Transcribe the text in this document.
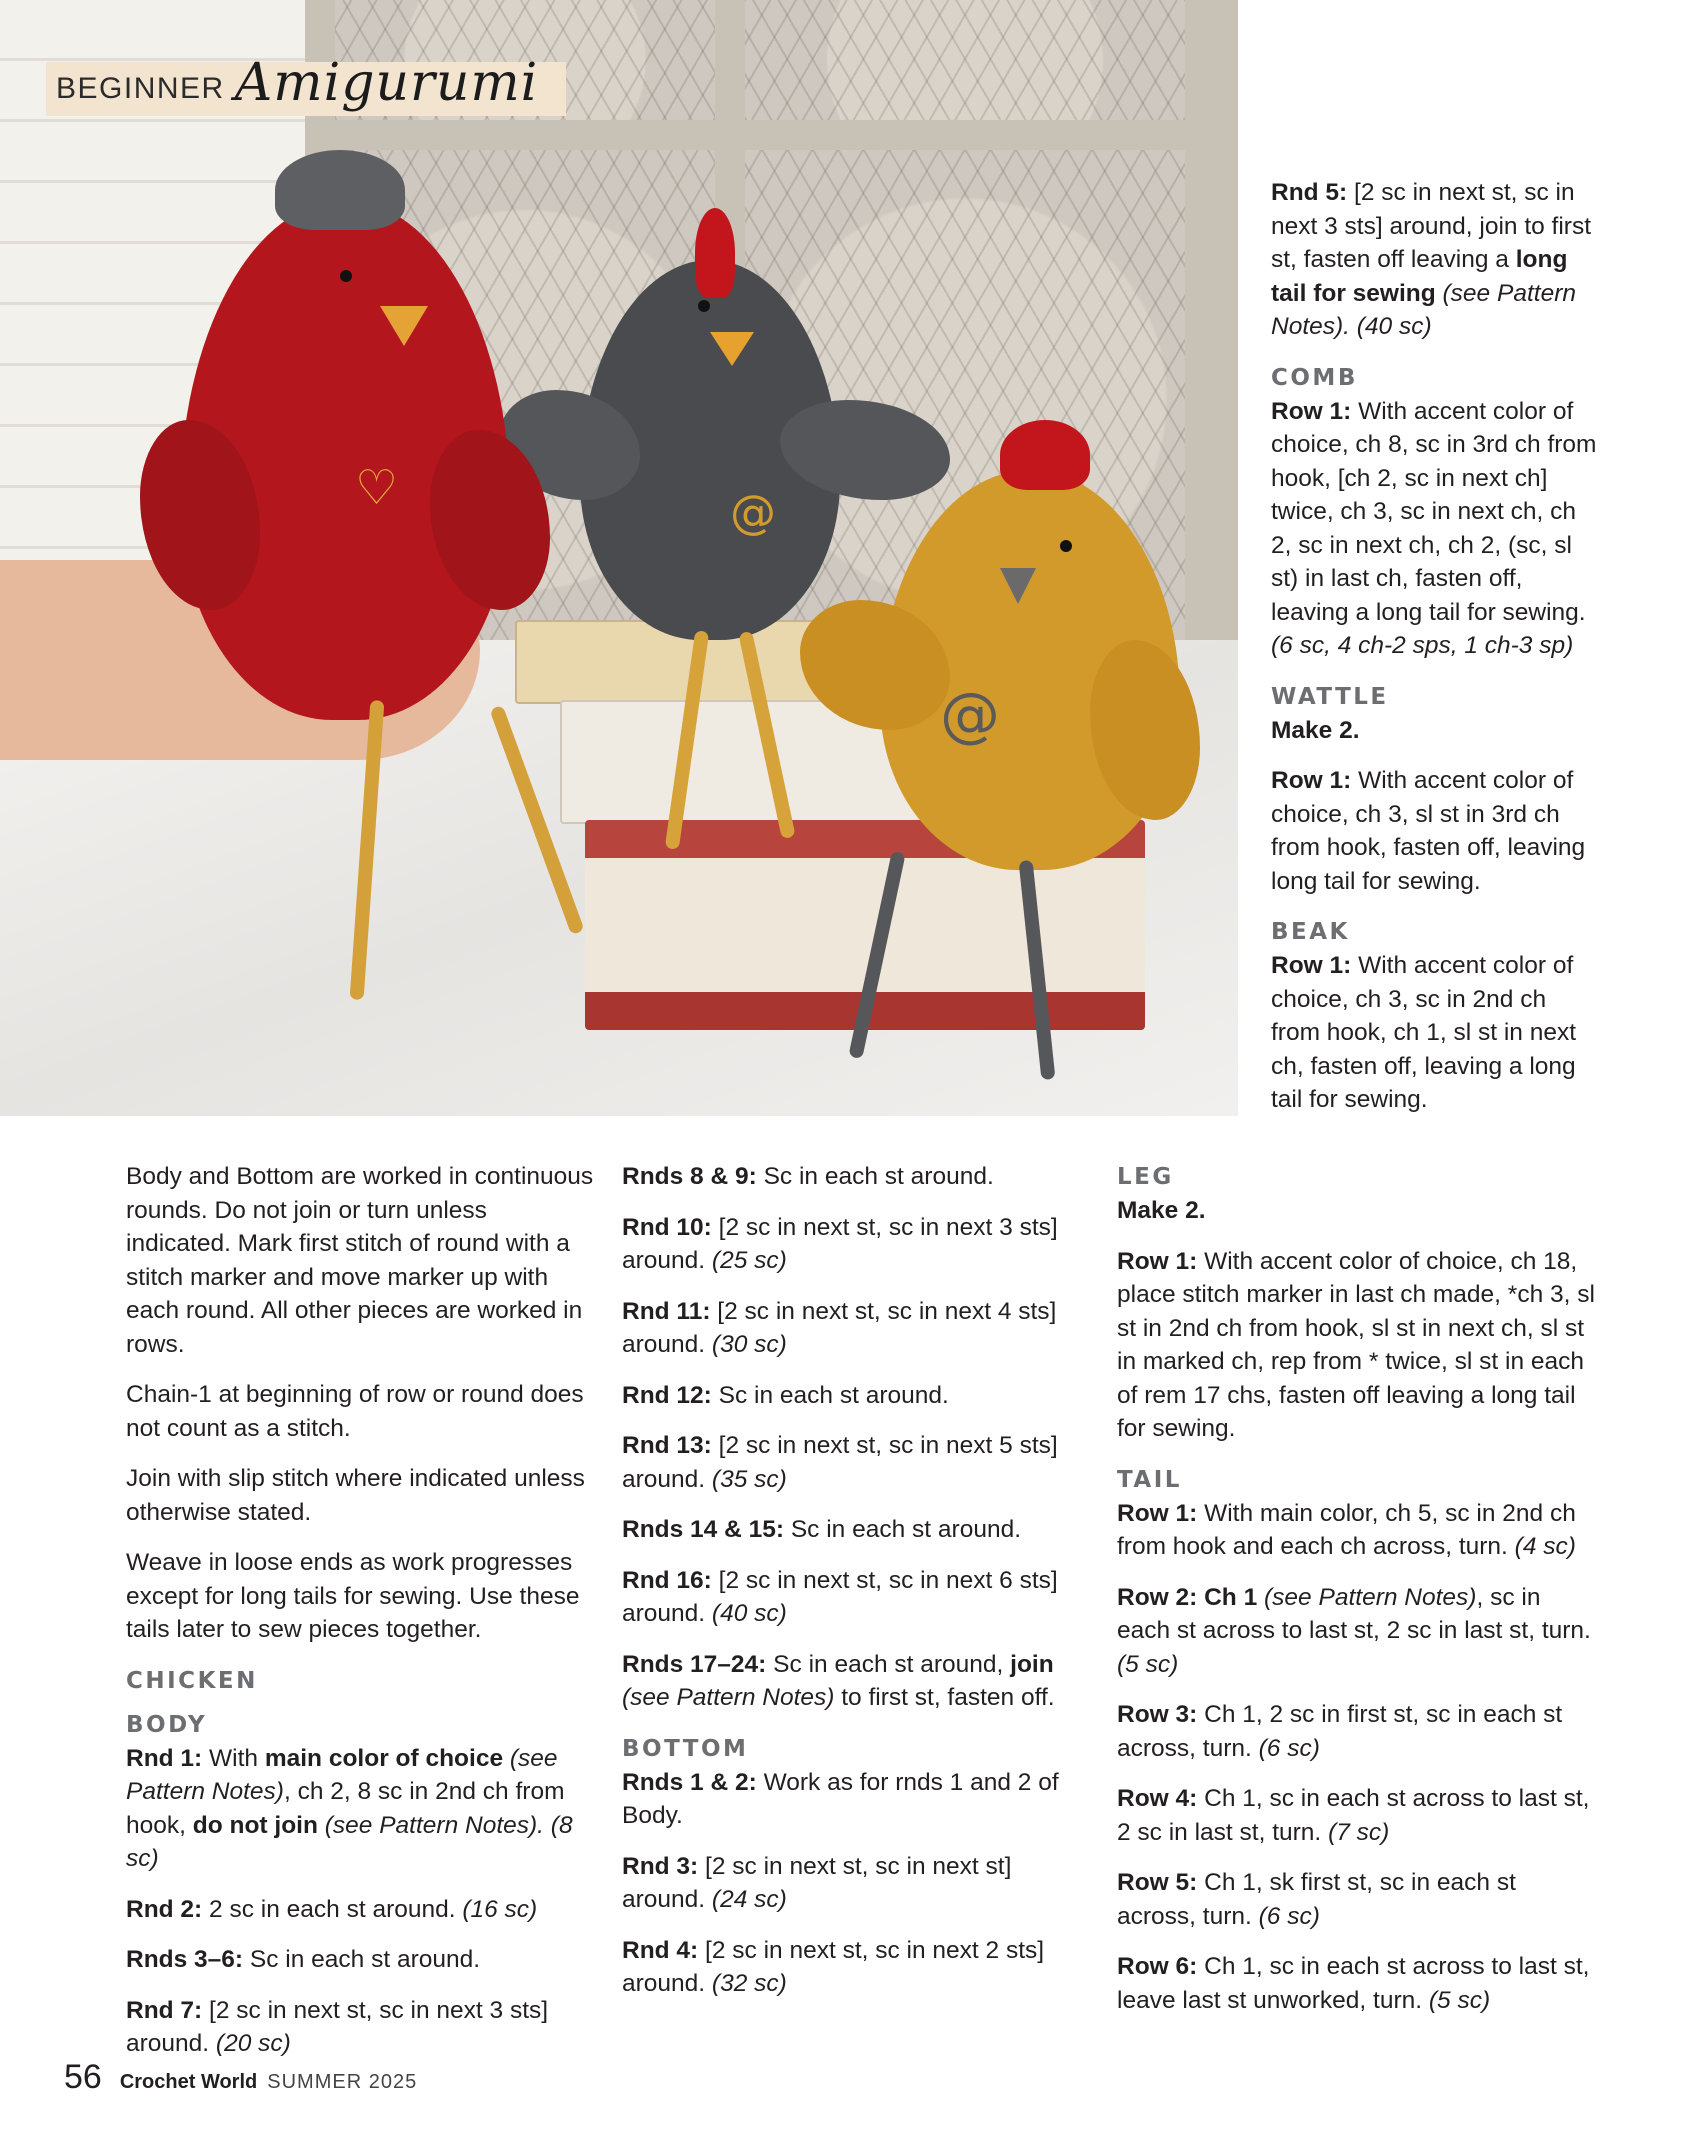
@
♡
@
BEGINNER Amigurumi

Rnd 5: [2 sc in next st, sc in next 3 sts] around, join to first st, fasten off leaving a long tail for sewing (see Pattern Notes). (40 sc)

COMB

Row 1: With accent color of choice, ch 8, sc in 3rd ch from hook, [ch 2, sc in next ch] twice, ch 3, sc in next ch, ch 2, sc in next ch, ch 2, (sc, sl st) in last ch, fasten off, leaving a long tail for sewing. (6 sc, 4 ch-2 sps, 1 ch-3 sp)

WATTLE

Make 2.

Row 1: With accent color of choice, ch 3, sl st in 3rd ch from hook, fasten off, leaving long tail for sewing.

BEAK

Row 1: With accent color of choice, ch 3, sc in 2nd ch from hook, ch 1, sl st in next ch, fasten off, leaving a long tail for sewing.

Body and Bottom are worked in continuous rounds. Do not join or turn unless indicated. Mark first stitch of round with a stitch marker and move marker up with each round. All other pieces are worked in rows.

Chain-1 at beginning of row or round does not count as a stitch.

Join with slip stitch where indicated unless otherwise stated.

Weave in loose ends as work progresses except for long tails for sewing. Use these tails later to sew pieces together.

CHICKEN
BODY

Rnd 1: With main color of choice (see Pattern Notes), ch 2, 8 sc in 2nd ch from hook, do not join (see Pattern Notes). (8 sc)

Rnd 2: 2 sc in each st around. (16 sc)

Rnds 3–6: Sc in each st around.

Rnd 7: [2 sc in next st, sc in next 3 sts] around. (20 sc)

Rnds 8 & 9: Sc in each st around.

Rnd 10: [2 sc in next st, sc in next 3 sts] around. (25 sc)

Rnd 11: [2 sc in next st, sc in next 4 sts] around. (30 sc)

Rnd 12: Sc in each st around.

Rnd 13: [2 sc in next st, sc in next 5 sts] around. (35 sc)

Rnds 14 & 15: Sc in each st around.

Rnd 16: [2 sc in next st, sc in next 6 sts] around. (40 sc)

Rnds 17–24: Sc in each st around, join (see Pattern Notes) to first st, fasten off.

BOTTOM

Rnds 1 & 2: Work as for rnds 1 and 2 of Body.

Rnd 3: [2 sc in next st, sc in next st] around. (24 sc)

Rnd 4: [2 sc in next st, sc in next 2 sts] around. (32 sc)

LEG

Make 2.

Row 1: With accent color of choice, ch 18, place stitch marker in last ch made, *ch 3, sl st in 2nd ch from hook, sl st in next ch, sl st in marked ch, rep from * twice, sl st in each of rem 17 chs, fasten off leaving a long tail for sewing.

TAIL

Row 1: With main color, ch 5, sc in 2nd ch from hook and each ch across, turn. (4 sc)

Row 2: Ch 1 (see Pattern Notes), sc in each st across to last st, 2 sc in last st, turn. (5 sc)

Row 3: Ch 1, 2 sc in first st, sc in each st across, turn. (6 sc)

Row 4: Ch 1, sc in each st across to last st, 2 sc in last st, turn. (7 sc)

Row 5: Ch 1, sk first st, sc in each st across, turn. (6 sc)

Row 6: Ch 1, sc in each st across to last st, leave last st unworked, turn. (5 sc)

56 Crochet World SUMMER 2025
